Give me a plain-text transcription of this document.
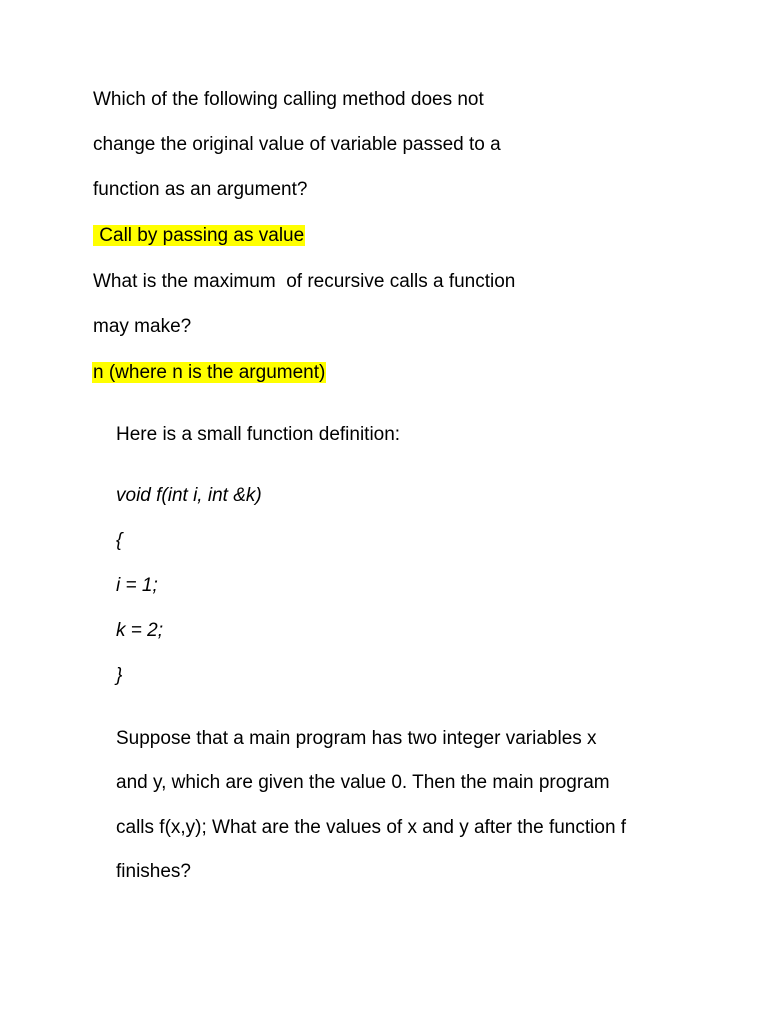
Which of the following calling method does not

change the original value of variable passed to a

function as an argument?

Call by passing as value

What is the maximum  of recursive calls a function

may make?

n (where n is the argument)

Here is a small function definition:

void f(int i, int &k)

{

i = 1;

k = 2;

}

Suppose that a main program has two integer variables x

and y, which are given the value 0. Then the main program

calls f(x,y); What are the values of x and y after the function f

finishes?
